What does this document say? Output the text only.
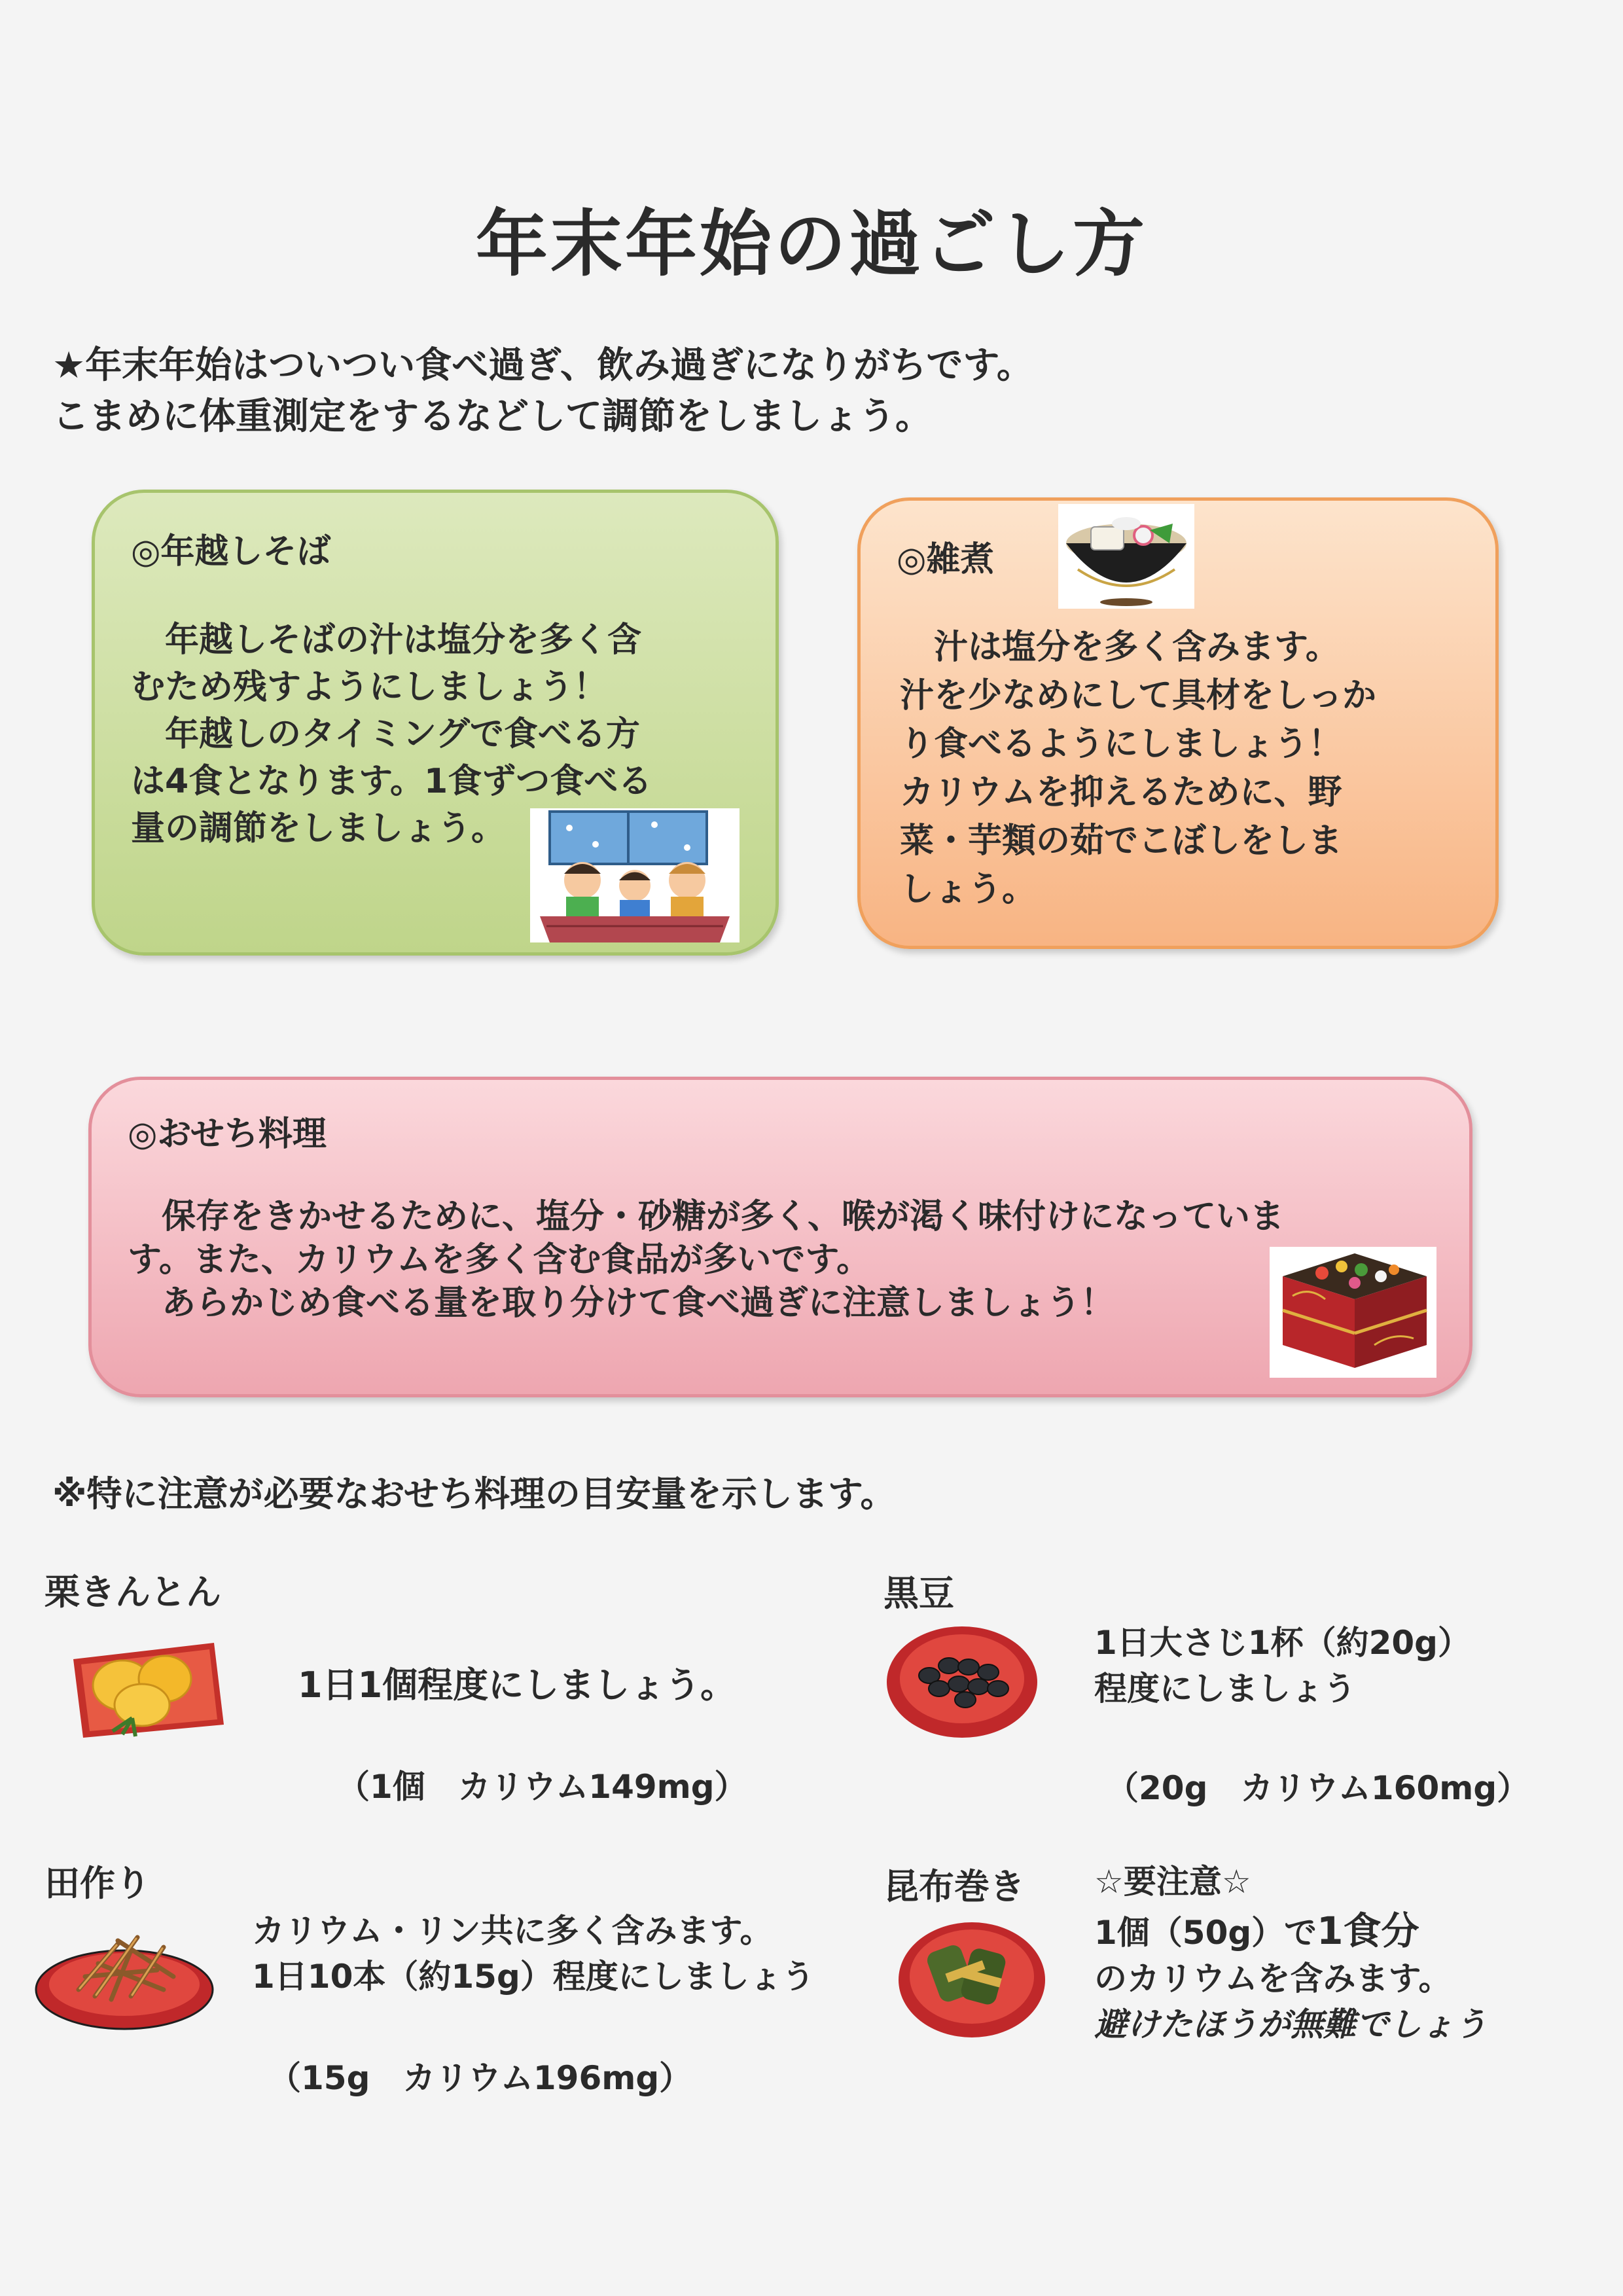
年末年始の過ごし方
★年末年始はついつい食べ過ぎ、飲み過ぎになりがちです。
こまめに体重測定をするなどして調節をしましょう。
◎年越しそば
　年越しそばの汁は塩分を多く含
むため残すようにしましょう！
　年越しのタイミングで食べる方
は4食となります。1食ずつ食べる
量の調節をしましょう。
◎雑煮
　汁は塩分を多く含みます。
汁を少なめにして具材をしっか
り食べるようにしましょう！
カリウムを抑えるために、野
菜・芋類の茹でこぼしをしま
しょう。
◎おせち料理
　保存をきかせるために、塩分・砂糖が多く、喉が渇く味付けになっていま
す。また、カリウムを多く含む食品が多いです。
　あらかじめ食べる量を取り分けて食べ過ぎに注意しましょう！
※特に注意が必要なおせち料理の目安量を示します。
栗きんとん
1日1個程度にしましょう。
（1個　カリウム149mg）
黒豆
1日大さじ1杯（約20g）
程度にしましょう
（20g　カリウム160mg）
田作り
カリウム・リン共に多く含みます。
1日10本（約15g）程度にしましょう
（15g　カリウム196mg）
昆布巻き ☆要注意☆
1個（50g）で1食分
のカリウムを含みます。
避けたほうが無難でしょう
